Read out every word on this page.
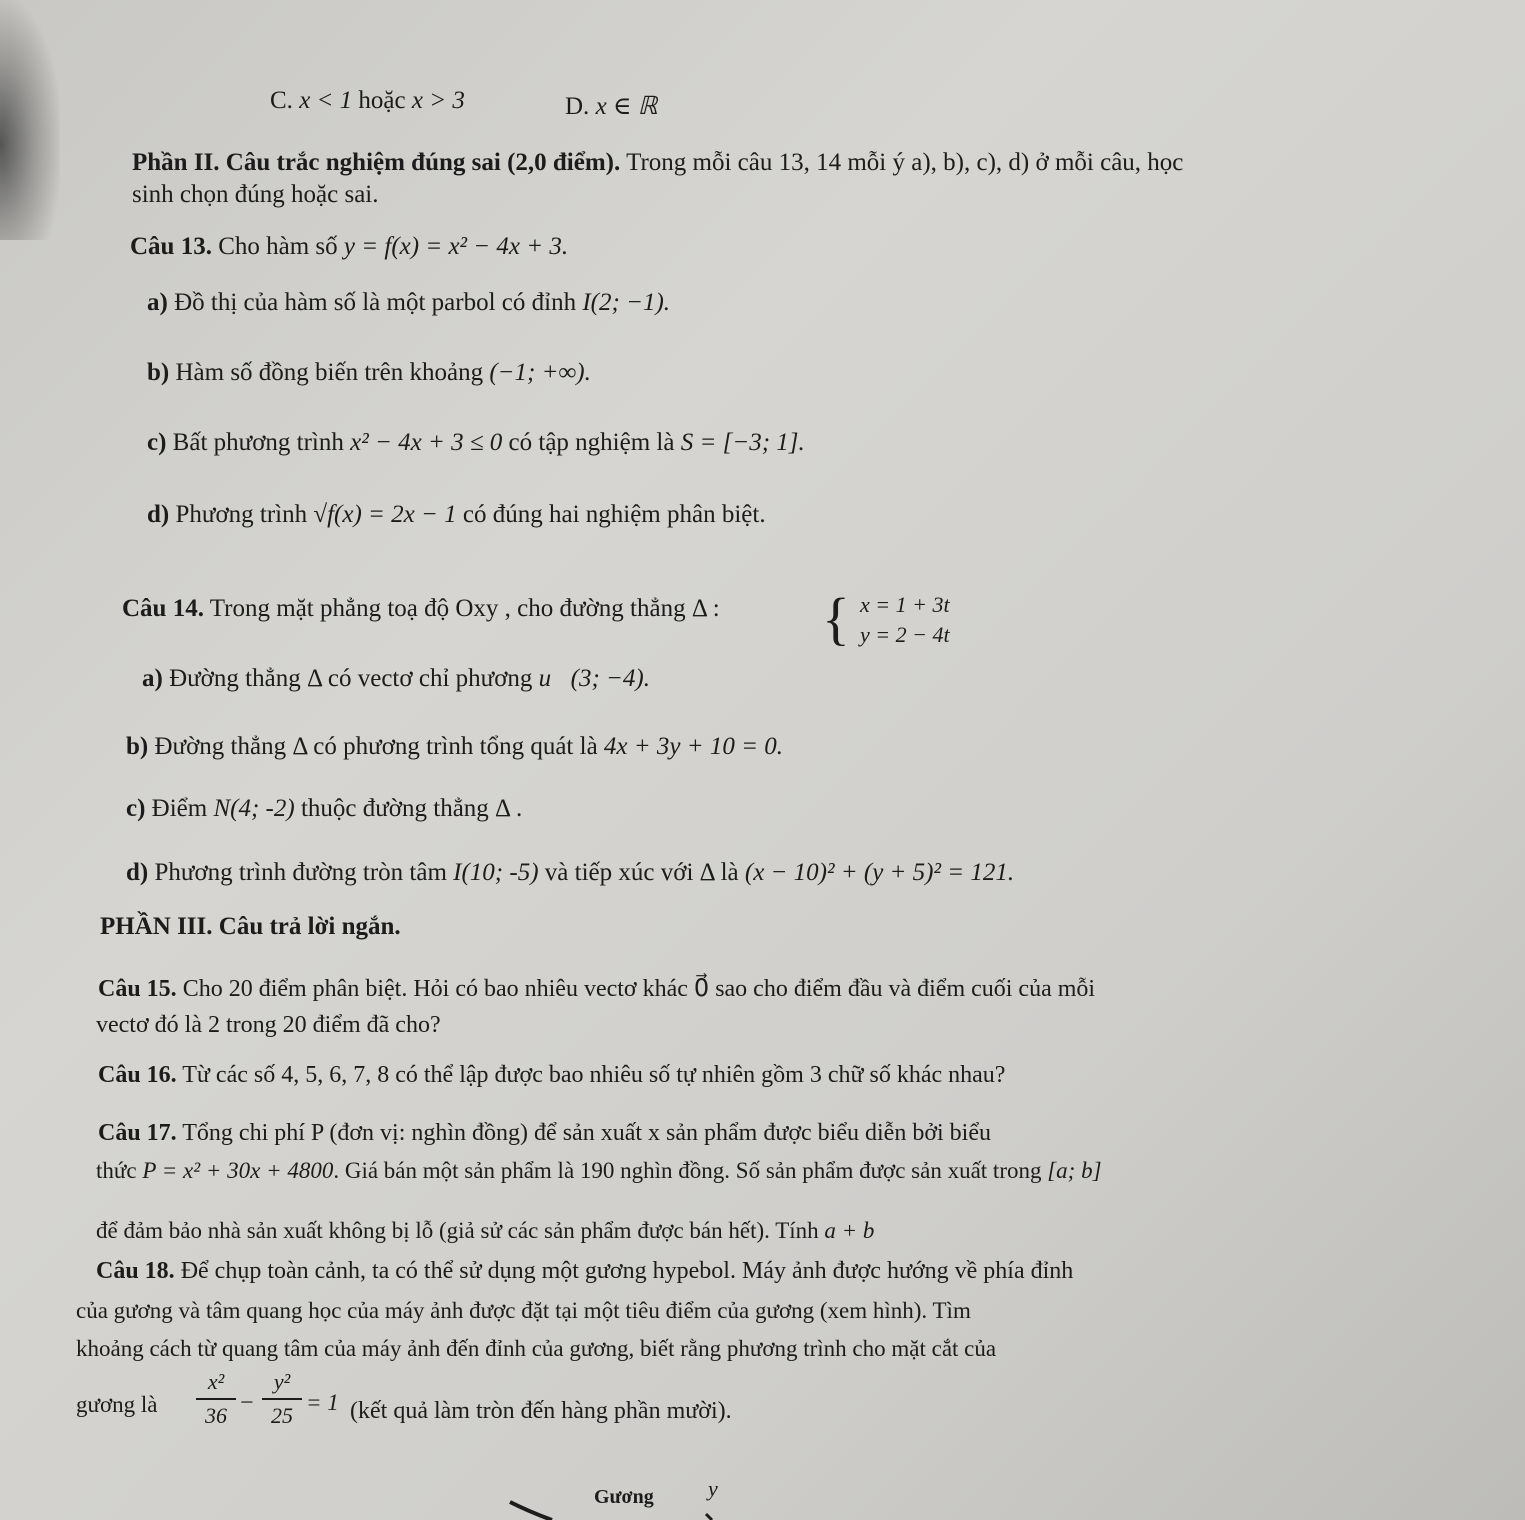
C. x < 1 hoặc x > 3	D. x ∈ ℝ
Phần II. Câu trắc nghiệm đúng sai (2,0 điểm). Trong mỗi câu 13, 14 mỗi ý a), b), c), d) ở mỗi câu, học
sinh chọn đúng hoặc sai.
Câu 13. Cho hàm số y = f(x) = x² − 4x + 3.
a) Đồ thị của hàm số là một parbol có đỉnh I(2; −1).
b) Hàm số đồng biến trên khoảng (−1; +∞).
c) Bất phương trình x² − 4x + 3 ≤ 0 có tập nghiệm là S = [−3; 1].
d) Phương trình √f(x) = 2x − 1 có đúng hai nghiệm phân biệt.
Câu 14. Trong mặt phẳng toạ độ Oxy , cho đường thẳng Δ : { x = 1 + 3t
y = 2 − 4t
a) Đường thẳng Δ có vectơ chỉ phương u⃗(3; −4).
b) Đường thẳng Δ có phương trình tổng quát là 4x + 3y + 10 = 0.
c) Điểm N(4; -2) thuộc đường thẳng Δ .
d) Phương trình đường tròn tâm I(10; -5) và tiếp xúc với Δ là (x − 10)² + (y + 5)² = 121.
PHẦN III. Câu trả lời ngắn.
Câu 15. Cho 20 điểm phân biệt. Hỏi có bao nhiêu vectơ khác 0⃗ sao cho điểm đầu và điểm cuối của mỗi
vectơ đó là 2 trong 20 điểm đã cho?
Câu 16. Từ các số 4, 5, 6, 7, 8 có thể lập được bao nhiêu số tự nhiên gồm 3 chữ số khác nhau?
Câu 17. Tổng chi phí P (đơn vị: nghìn đồng) để sản xuất x sản phẩm được biểu diễn bởi biểu
thức P = x² + 30x + 4800. Giá bán một sản phẩm là 190 nghìn đồng. Số sản phẩm được sản xuất trong [a; b]
để đảm bảo nhà sản xuất không bị lỗ (giả sử các sản phẩm được bán hết). Tính a + b
Câu 18. Để chụp toàn cảnh, ta có thể sử dụng một gương hypebol. Máy ảnh được hướng về phía đỉnh
của gương và tâm quang học của máy ảnh được đặt tại một tiêu điểm của gương (xem hình). Tìm
khoảng cách từ quang tâm của máy ảnh đến đỉnh của gương, biết rằng phương trình cho mặt cắt của
gương là
x²
36 −
y²
25
= 1 (kết quả làm tròn đến hàng phần mười).
Gương y
